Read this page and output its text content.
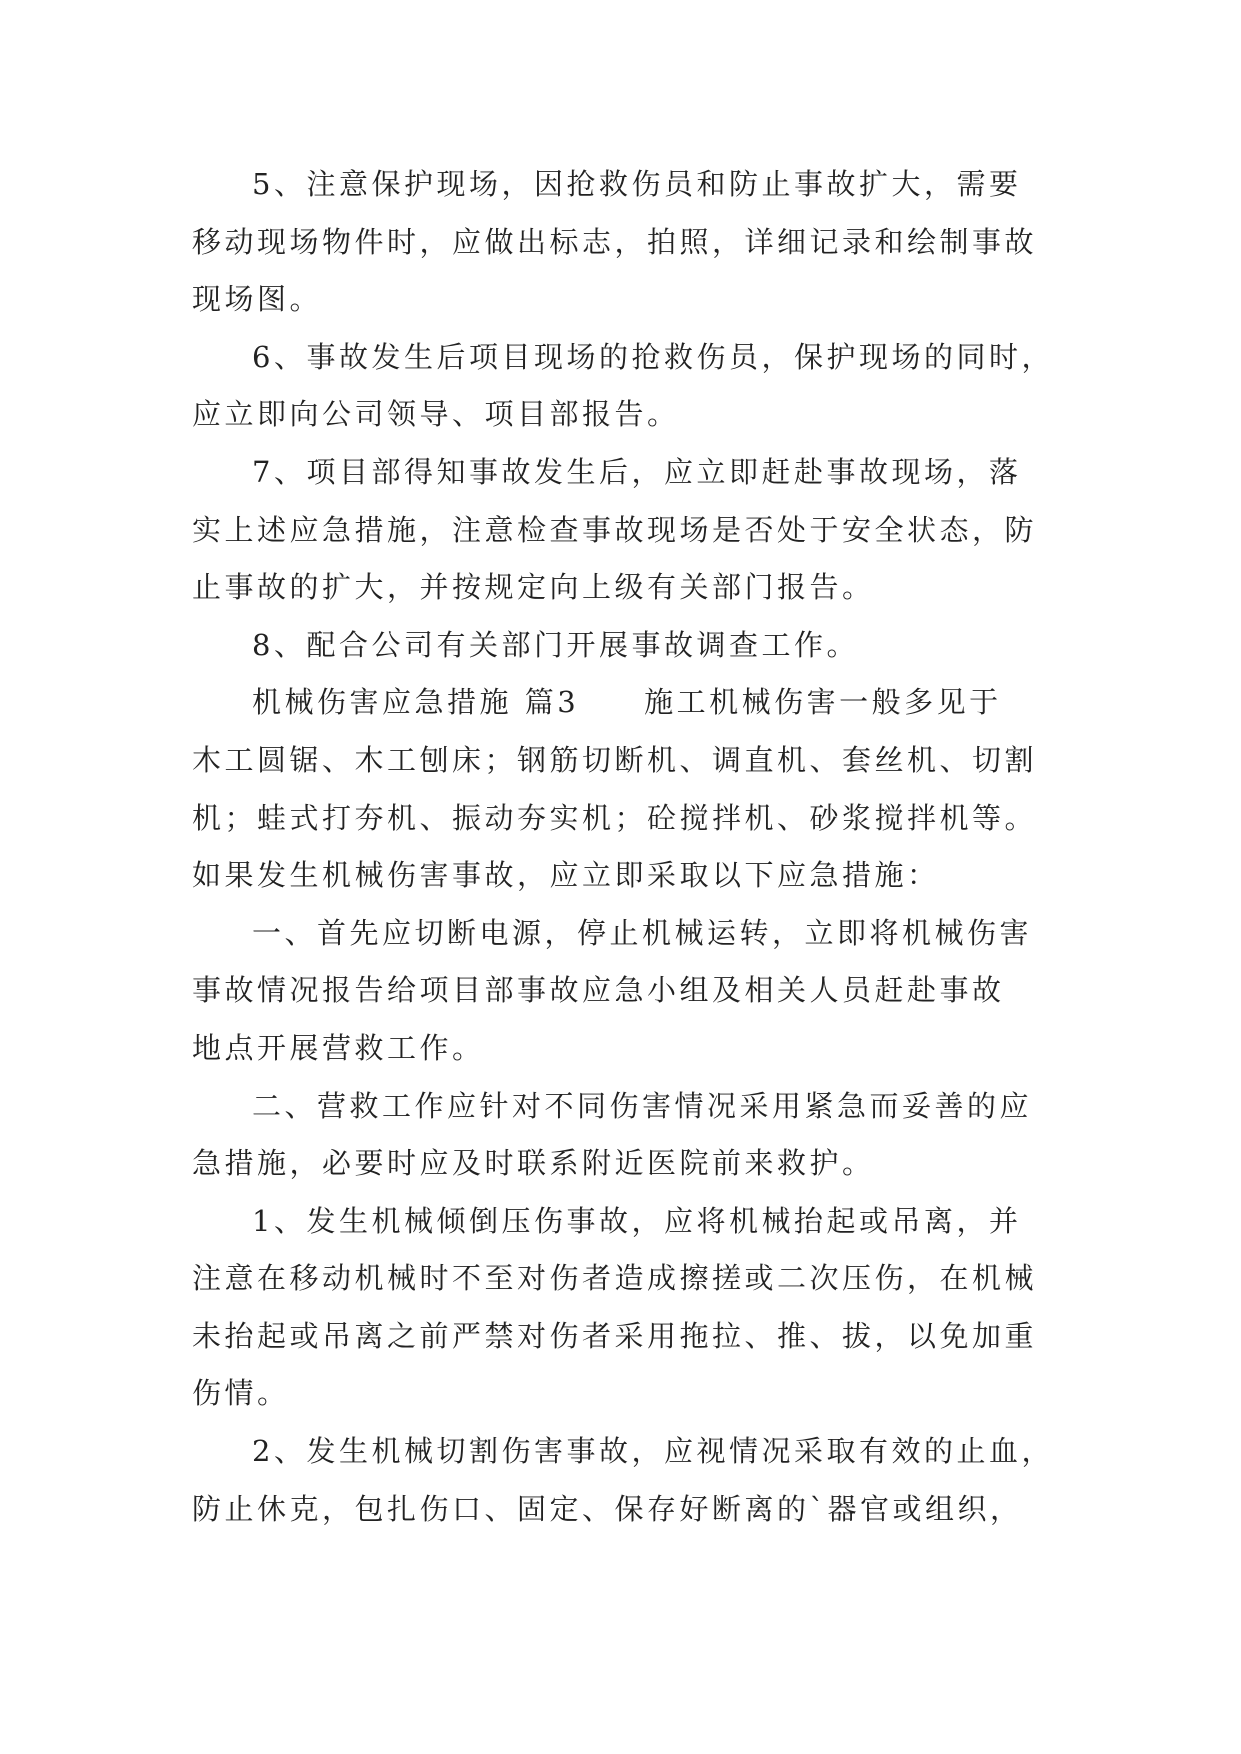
5、注意保护现场，因抢救伤员和防止事故扩大，需要
移动现场物件时，应做出标志，拍照，详细记录和绘制事故
现场图。
6、事故发生后项目现场的抢救伤员，保护现场的同时，
应立即向公司领导、项目部报告。
7、项目部得知事故发生后，应立即赶赴事故现场，落
实上述应急措施，注意检查事故现场是否处于安全状态，防
止事故的扩大，并按规定向上级有关部门报告。
8、配合公司有关部门开展事故调查工作。
机械伤害应急措施 篇3　　施工机械伤害一般多见于
木工圆锯、木工刨床；钢筋切断机、调直机、套丝机、切割
机；蛙式打夯机、振动夯实机；砼搅拌机、砂浆搅拌机等。
如果发生机械伤害事故，应立即采取以下应急措施：
一、首先应切断电源，停止机械运转，立即将机械伤害
事故情况报告给项目部事故应急小组及相关人员赶赴事故
地点开展营救工作。
二、营救工作应针对不同伤害情况采用紧急而妥善的应
急措施，必要时应及时联系附近医院前来救护。
1、发生机械倾倒压伤事故，应将机械抬起或吊离，并
注意在移动机械时不至对伤者造成擦搓或二次压伤，在机械
未抬起或吊离之前严禁对伤者采用拖拉、推、拔，以免加重
伤情。
2、发生机械切割伤害事故，应视情况采取有效的止血，
防止休克，包扎伤口、固定、保存好断离的`器官或组织，
